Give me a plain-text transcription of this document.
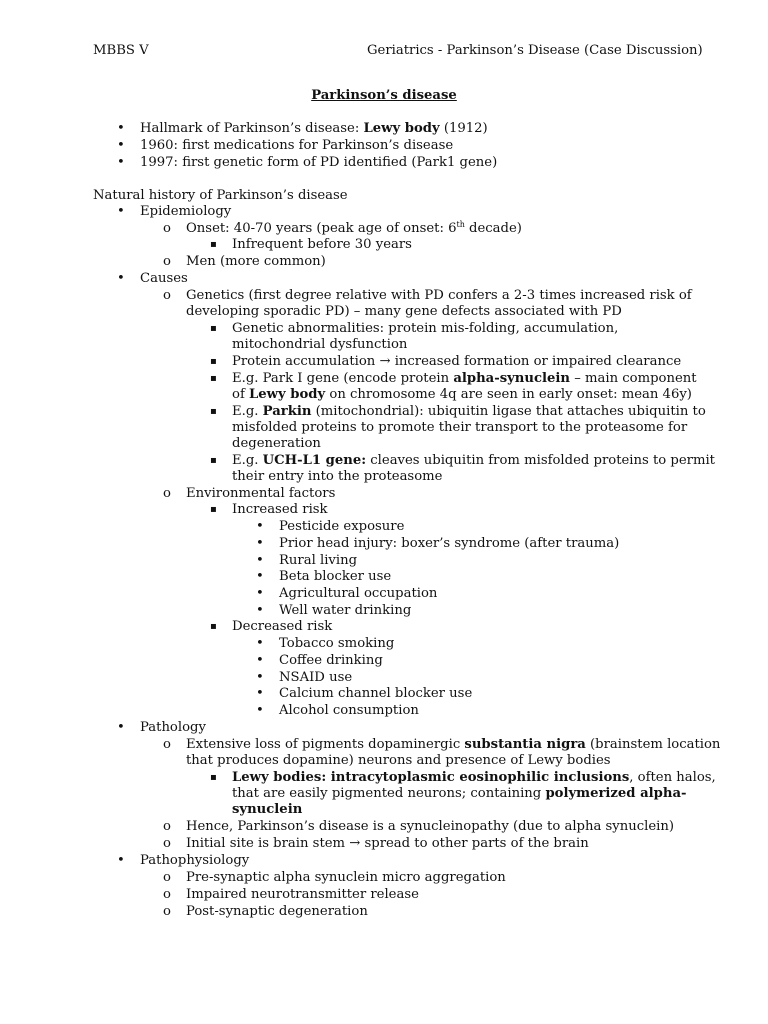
MBBS V	Geriatrics - Parkinson’s Disease (Case Discussion)
Parkinson’s disease
• Hallmark of Parkinson’s disease: Lewy body (1912)
• 1960: first medications for Parkinson’s disease
• 1997: first genetic form of PD identified (Park1 gene)
Natural history of Parkinson’s disease
• Epidemiology
o Onset: 40-70 years (peak age of onset: 6th decade)
▪ Infrequent before 30 years
o Men (more common)
• Causes
o Genetics (first degree relative with PD confers a 2-3 times increased risk of
developing sporadic PD) – many gene defects associated with PD
▪ Genetic abnormalities: protein mis-folding, accumulation,
mitochondrial dysfunction
▪ Protein accumulation → increased formation or impaired clearance
▪ E.g. Park I gene (encode protein alpha-synuclein – main component
of Lewy body on chromosome 4q are seen in early onset: mean 46y)
▪ E.g. Parkin (mitochondrial): ubiquitin ligase that attaches ubiquitin to
misfolded proteins to promote their transport to the proteasome for
degeneration
▪ E.g. UCH-L1 gene: cleaves ubiquitin from misfolded proteins to permit
their entry into the proteasome
o Environmental factors
▪ Increased risk
• Pesticide exposure
• Prior head injury: boxer’s syndrome (after trauma)
• Rural living
• Beta blocker use
• Agricultural occupation
• Well water drinking
▪ Decreased risk
• Tobacco smoking
• Coffee drinking
• NSAID use
• Calcium channel blocker use
• Alcohol consumption
• Pathology
o Extensive loss of pigments dopaminergic substantia nigra (brainstem location
that produces dopamine) neurons and presence of Lewy bodies
▪ Lewy bodies: intracytoplasmic eosinophilic inclusions, often halos,
that are easily pigmented neurons; containing polymerized alpha-
synuclein
o Hence, Parkinson’s disease is a synucleinopathy (due to alpha synuclein)
o Initial site is brain stem → spread to other parts of the brain
• Pathophysiology
o Pre-synaptic alpha synuclein micro aggregation
o Impaired neurotransmitter release
o Post-synaptic degeneration
